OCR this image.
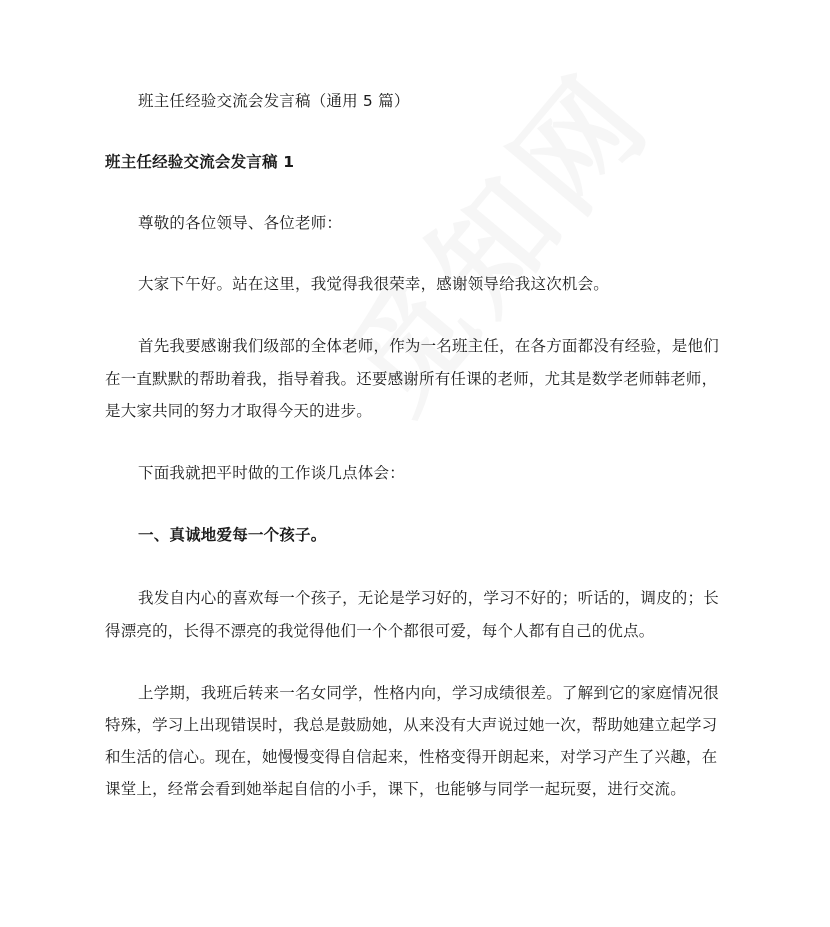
班主任经验交流会发言稿（通用 5 篇）
班主任经验交流会发言稿 1
尊敬的各位领导、各位老师：
大家下午好。站在这里，我觉得我很荣幸，感谢领导给我这次机会。
首先我要感谢我们级部的全体老师，作为一名班主任，在各方面都没有经验，是他们
在一直默默的帮助着我，指导着我。还要感谢所有任课的老师，尤其是数学老师韩老师，
是大家共同的努力才取得今天的进步。
下面我就把平时做的工作谈几点体会：
一、真诚地爱每一个孩子。
我发自内心的喜欢每一个孩子，无论是学习好的，学习不好的；听话的，调皮的；长
得漂亮的，长得不漂亮的我觉得他们一个个都很可爱，每个人都有自己的优点。
上学期，我班后转来一名女同学，性格内向，学习成绩很差。了解到它的家庭情况很
特殊，学习上出现错误时，我总是鼓励她，从来没有大声说过她一次，帮助她建立起学习
和生活的信心。现在，她慢慢变得自信起来，性格变得开朗起来，对学习产生了兴趣，在
课堂上，经常会看到她举起自信的小手，课下，也能够与同学一起玩耍，进行交流。
